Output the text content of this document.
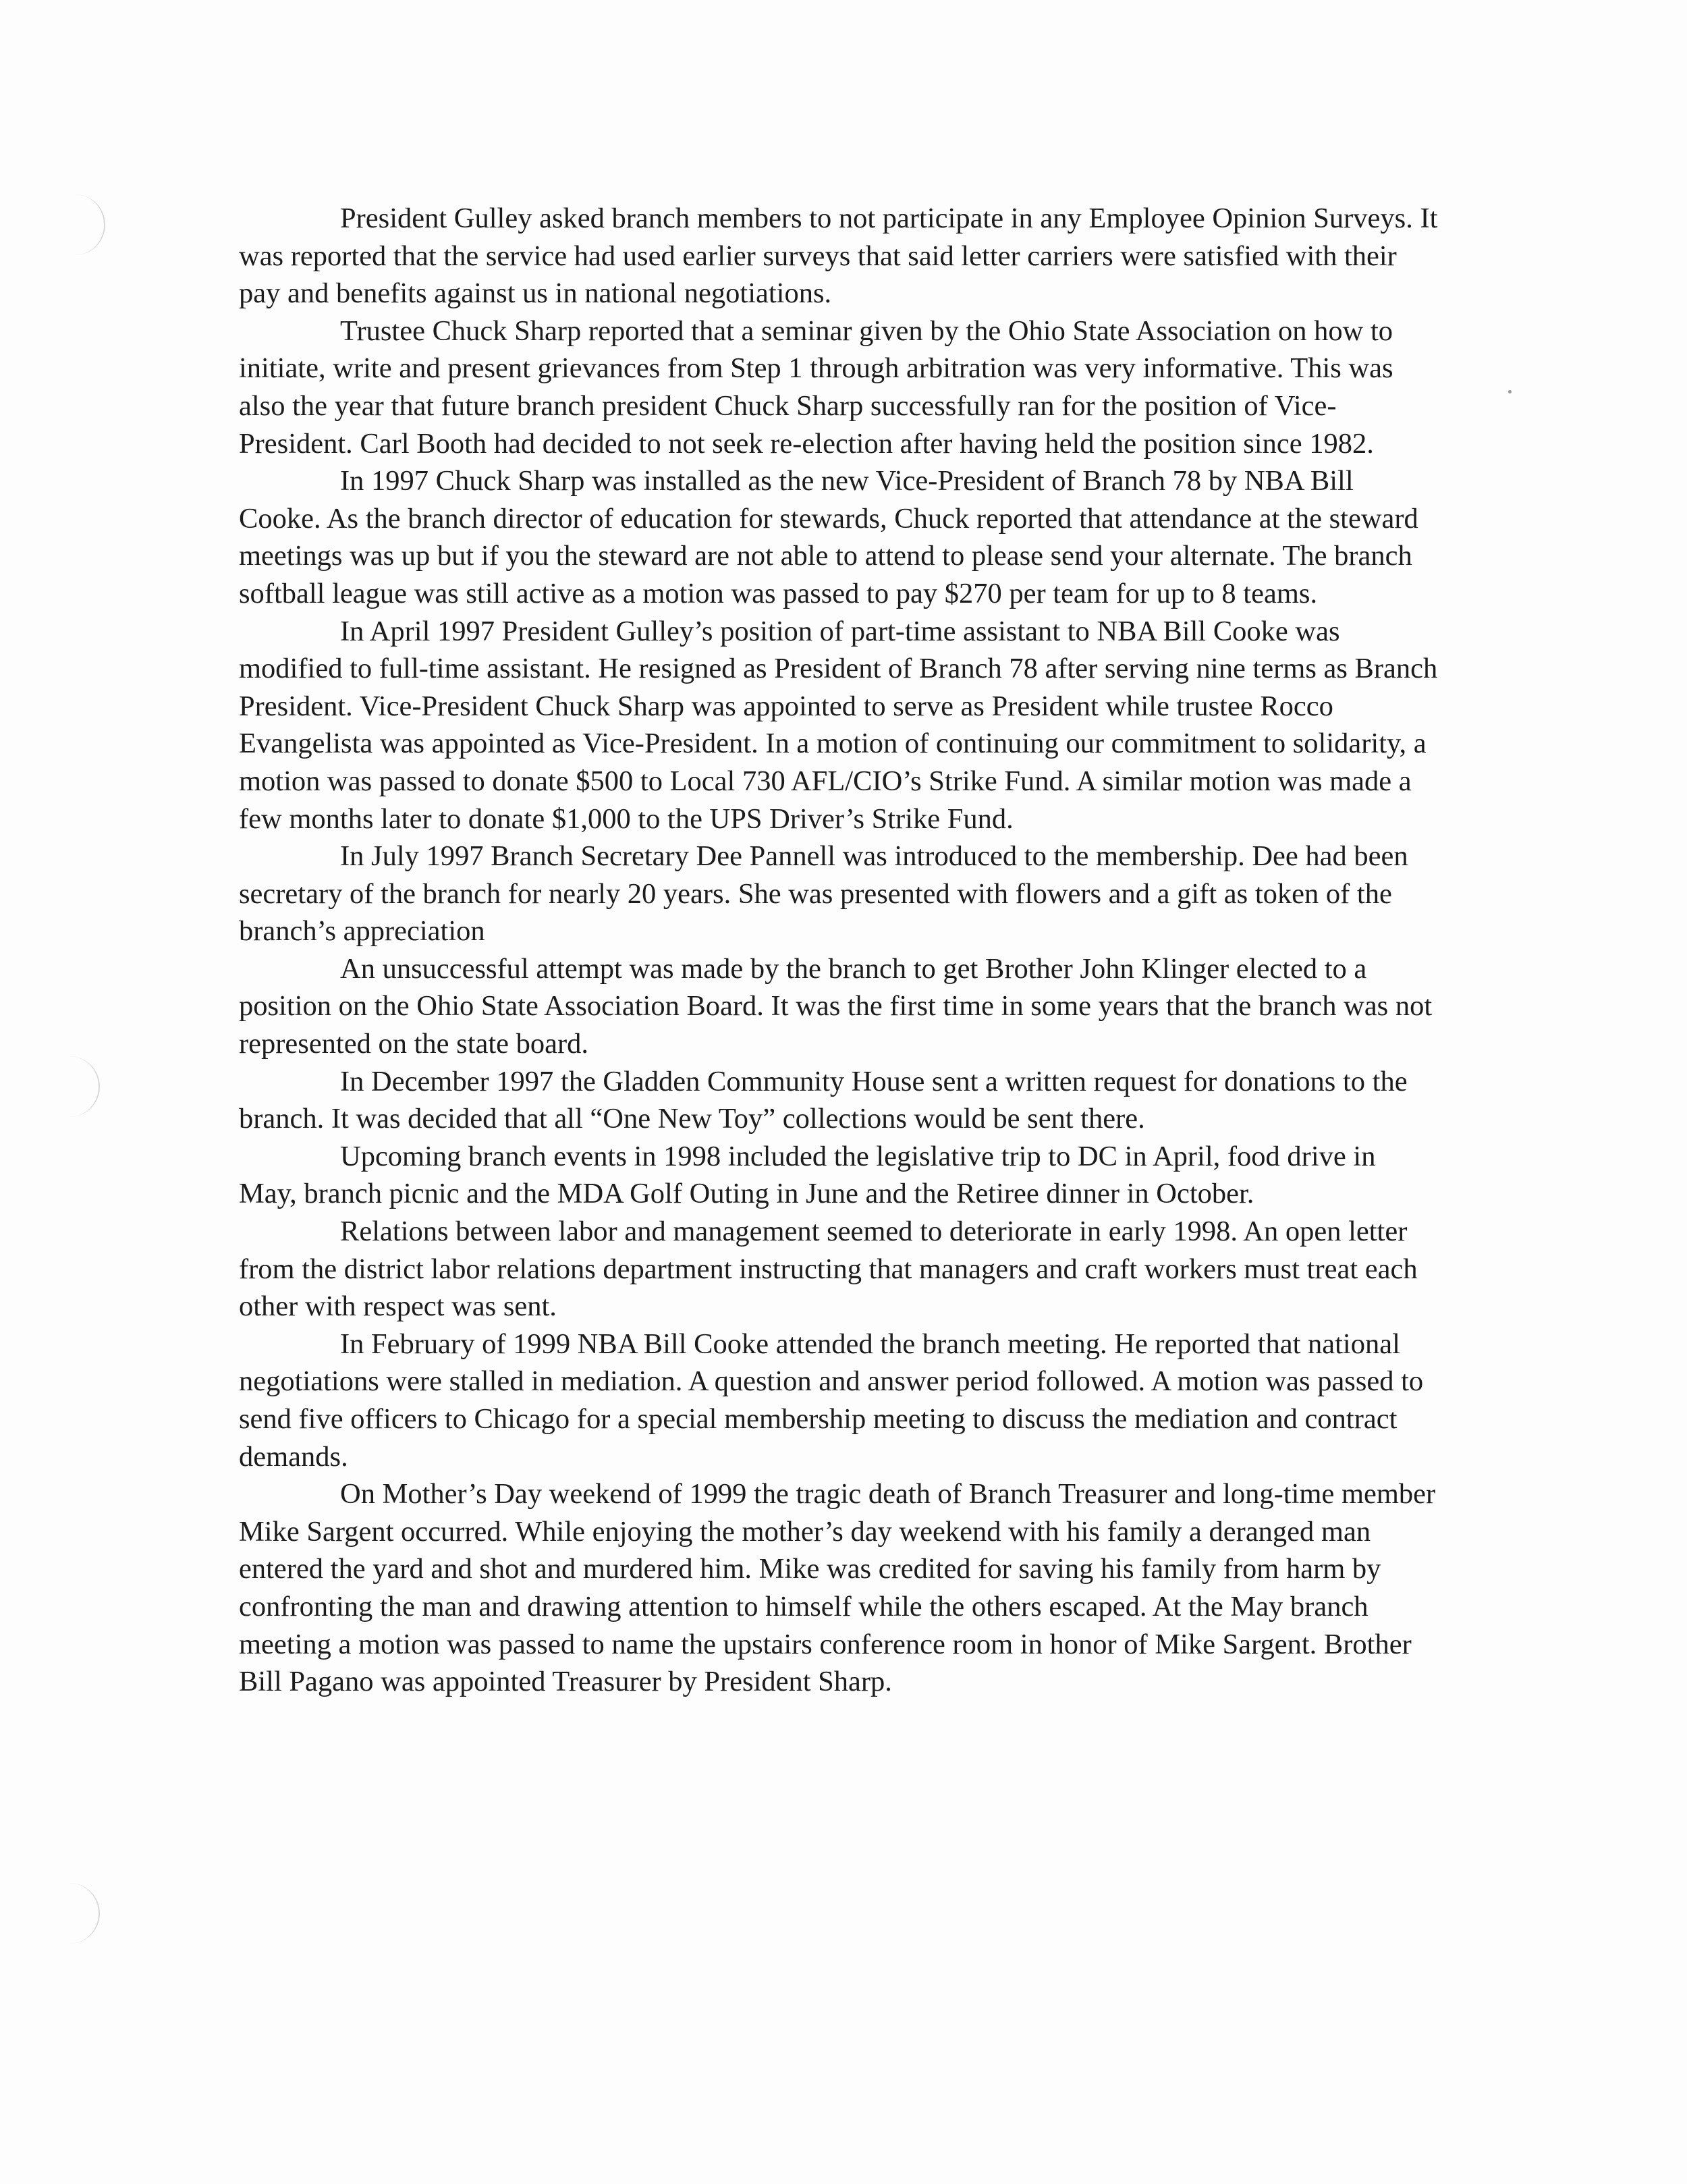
President Gulley asked branch members to not participate in any Employee Opinion Surveys. It was reported that the service had used earlier surveys that said letter carriers were satisfied with their pay and benefits against us in national negotiations.

Trustee Chuck Sharp reported that a seminar given by the Ohio State Association on how to initiate, write and present grievances from Step 1 through arbitration was very informative. This was also the year that future branch president Chuck Sharp successfully ran for the position of Vice-President. Carl Booth had decided to not seek re-election after having held the position since 1982.

In 1997 Chuck Sharp was installed as the new Vice-President of Branch 78 by NBA Bill Cooke. As the branch director of education for stewards, Chuck reported that attendance at the steward meetings was up but if you the steward are not able to attend to please send your alternate. The branch softball league was still active as a motion was passed to pay $270 per team for up to 8 teams.

In April 1997 President Gulley’s position of part-time assistant to NBA Bill Cooke was modified to full-time assistant. He resigned as President of Branch 78 after serving nine terms as Branch President. Vice-President Chuck Sharp was appointed to serve as President while trustee Rocco Evangelista was appointed as Vice-President. In a motion of continuing our commitment to solidarity, a motion was passed to donate $500 to Local 730 AFL/CIO’s Strike Fund. A similar motion was made a few months later to donate $1,000 to the UPS Driver’s Strike Fund.

In July 1997 Branch Secretary Dee Pannell was introduced to the membership. Dee had been secretary of the branch for nearly 20 years. She was presented with flowers and a gift as token of the branch’s appreciation

An unsuccessful attempt was made by the branch to get Brother John Klinger elected to a position on the Ohio State Association Board. It was the first time in some years that the branch was not represented on the state board.

In December 1997 the Gladden Community House sent a written request for donations to the branch. It was decided that all “One New Toy” collections would be sent there.

Upcoming branch events in 1998 included the legislative trip to DC in April, food drive in May, branch picnic and the MDA Golf Outing in June and the Retiree dinner in October.

Relations between labor and management seemed to deteriorate in early 1998. An open letter from the district labor relations department instructing that managers and craft workers must treat each other with respect was sent.

In February of 1999 NBA Bill Cooke attended the branch meeting. He reported that national negotiations were stalled in mediation. A question and answer period followed. A motion was passed to send five officers to Chicago for a special membership meeting to discuss the mediation and contract demands.

On Mother’s Day weekend of 1999 the tragic death of Branch Treasurer and long-time member Mike Sargent occurred. While enjoying the mother’s day weekend with his family a deranged man entered the yard and shot and murdered him. Mike was credited for saving his family from harm by confronting the man and drawing attention to himself while the others escaped. At the May branch meeting a motion was passed to name the upstairs conference room in honor of Mike Sargent. Brother Bill Pagano was appointed Treasurer by President Sharp.
